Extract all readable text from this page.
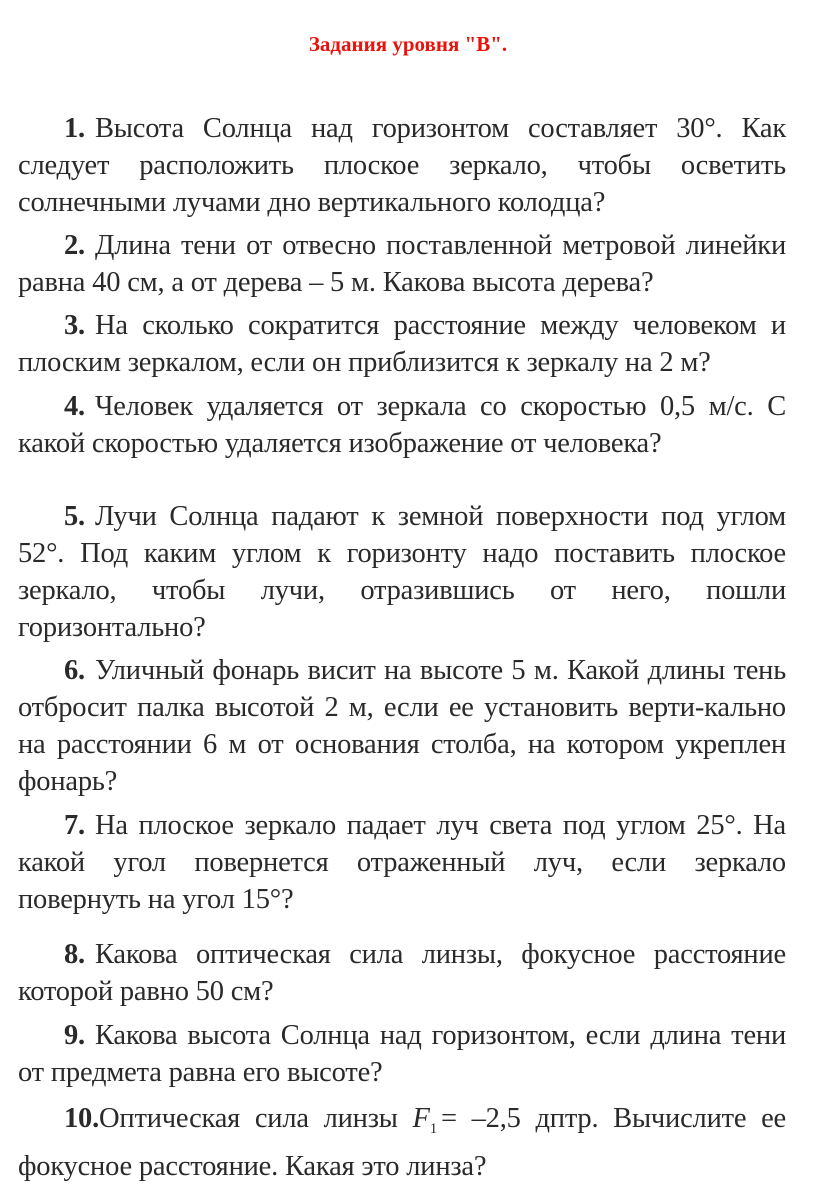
Задания уровня "В".
1. Высота Солнца над горизонтом составляет 30°. Как следует расположить плоское зеркало, чтобы осветить солнечными лучами дно вертикального колодца?
2. Длина тени от отвесно поставленной метровой линейки равна 40 см, а от дерева – 5 м. Какова высота дерева?
3. На сколько сократится расстояние между человеком и плоским зеркалом, если он приблизится к зеркалу на 2 м?
4. Человек удаляется от зеркала со скоростью 0,5 м/с. С какой скоростью удаляется изображение от человека?
5. Лучи Солнца падают к земной поверхности под углом 52°. Под каким углом к горизонту надо поставить плоское зеркало, чтобы лучи, отразившись от него, пошли горизонтально?
6. Уличный фонарь висит на высоте 5 м. Какой длины тень отбросит палка высотой 2 м, если ее установить верти-кально на расстоянии 6 м от основания столба, на котором укреплен фонарь?
7. На плоское зеркало падает луч света под углом 25°. На какой угол повернется отраженный луч, если зеркало повернуть на угол 15°?
8. Какова оптическая сила линзы, фокусное расстояние которой равно 50 см?
9. Какова высота Солнца над горизонтом, если длина тени от предмета равна его высоте?
10.Оптическая сила линзы $F_1 = -2,5$ дптр. Вычислите ее фокусное расстояние. Какая это линза?
